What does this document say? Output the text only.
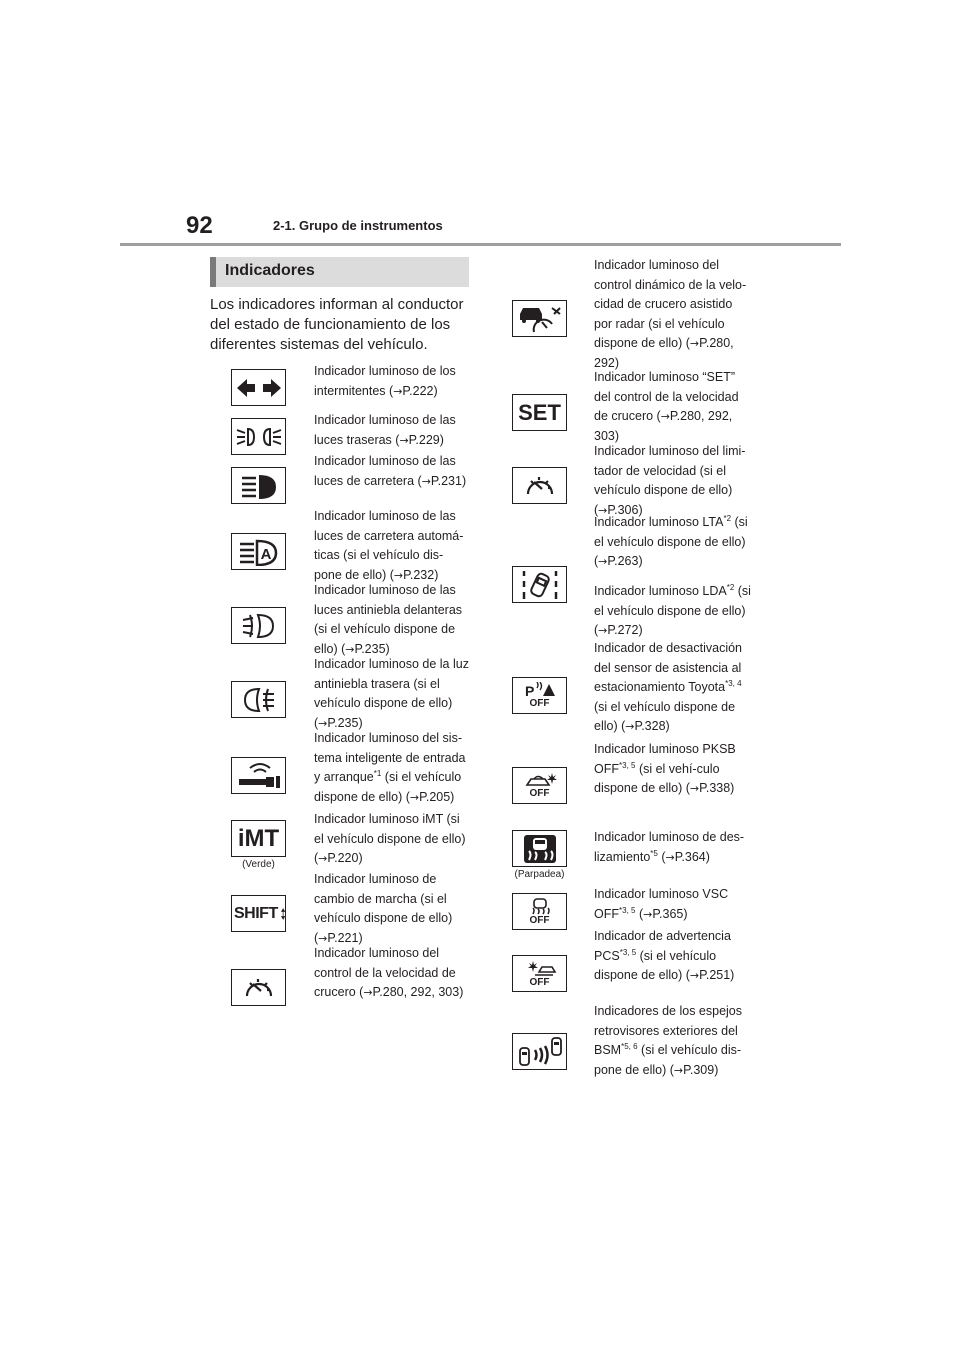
92	2-1. Grupo de instrumentos
Indicadores
Los indicadores informan al conductor del estado de funcionamiento de los diferentes sistemas del vehículo.
Indicador luminoso de los intermitentes (→P.222)
Indicador luminoso de las luces traseras (→P.229)
Indicador luminoso de las luces de carretera (→P.231)
A
Indicador luminoso de las luces de carretera automá-ticas (si el vehículo dis-pone de ello) (→P.232)
Indicador luminoso de las luces antiniebla delanteras (si el vehículo dispone de ello) (→P.235)
Indicador luminoso de la luz antiniebla trasera (si el vehículo dispone de ello) (→P.235)
Indicador luminoso del sis-tema inteligente de entrada y arranque$^{*1}$ (si el vehículo dispone de ello) (→P.205)
iMT
(Verde)
Indicador luminoso iMT (si el vehículo dispone de ello) (→P.220)
SHIFT
Indicador luminoso de cambio de marcha (si el vehículo dispone de ello) (→P.221)
Indicador luminoso del control de la velocidad de crucero (→P.280, 292, 303)
Indicador luminoso del control dinámico de la velo-cidad de crucero asistido por radar (si el vehículo dispone de ello) (→P.280, 292)
SET
Indicador luminoso “SET” del control de la velocidad de crucero (→P.280, 292, 303)
Indicador luminoso del limi-tador de velocidad (si el vehículo dispone de ello) (→P.306)
Indicador luminoso LTA$^{*2}$ (si el vehículo dispone de ello) (→P.263)
Indicador luminoso LDA$^{*2}$ (si el vehículo dispone de ello) (→P.272)
P
OFF
Indicador de desactivación del sensor de asistencia al estacionamiento Toyota$^{*3, 4}$ (si el vehículo dispone de ello) (→P.328)
OFF
Indicador luminoso PKSB OFF$^{*3, 5}$ (si el vehí-culo dispone de ello) (→P.338)
(Parpadea)
Indicador luminoso de des-lizamiento$^{*5}$ (→P.364)
OFF
Indicador luminoso VSC OFF$^{*3, 5}$ (→P.365)
OFF
Indicador de advertencia PCS$^{*3, 5}$ (si el vehículo dispone de ello) (→P.251)
Indicadores de los espejos retrovisores exteriores del BSM$^{*5, 6}$ (si el vehículo dis-pone de ello) (→P.309)
